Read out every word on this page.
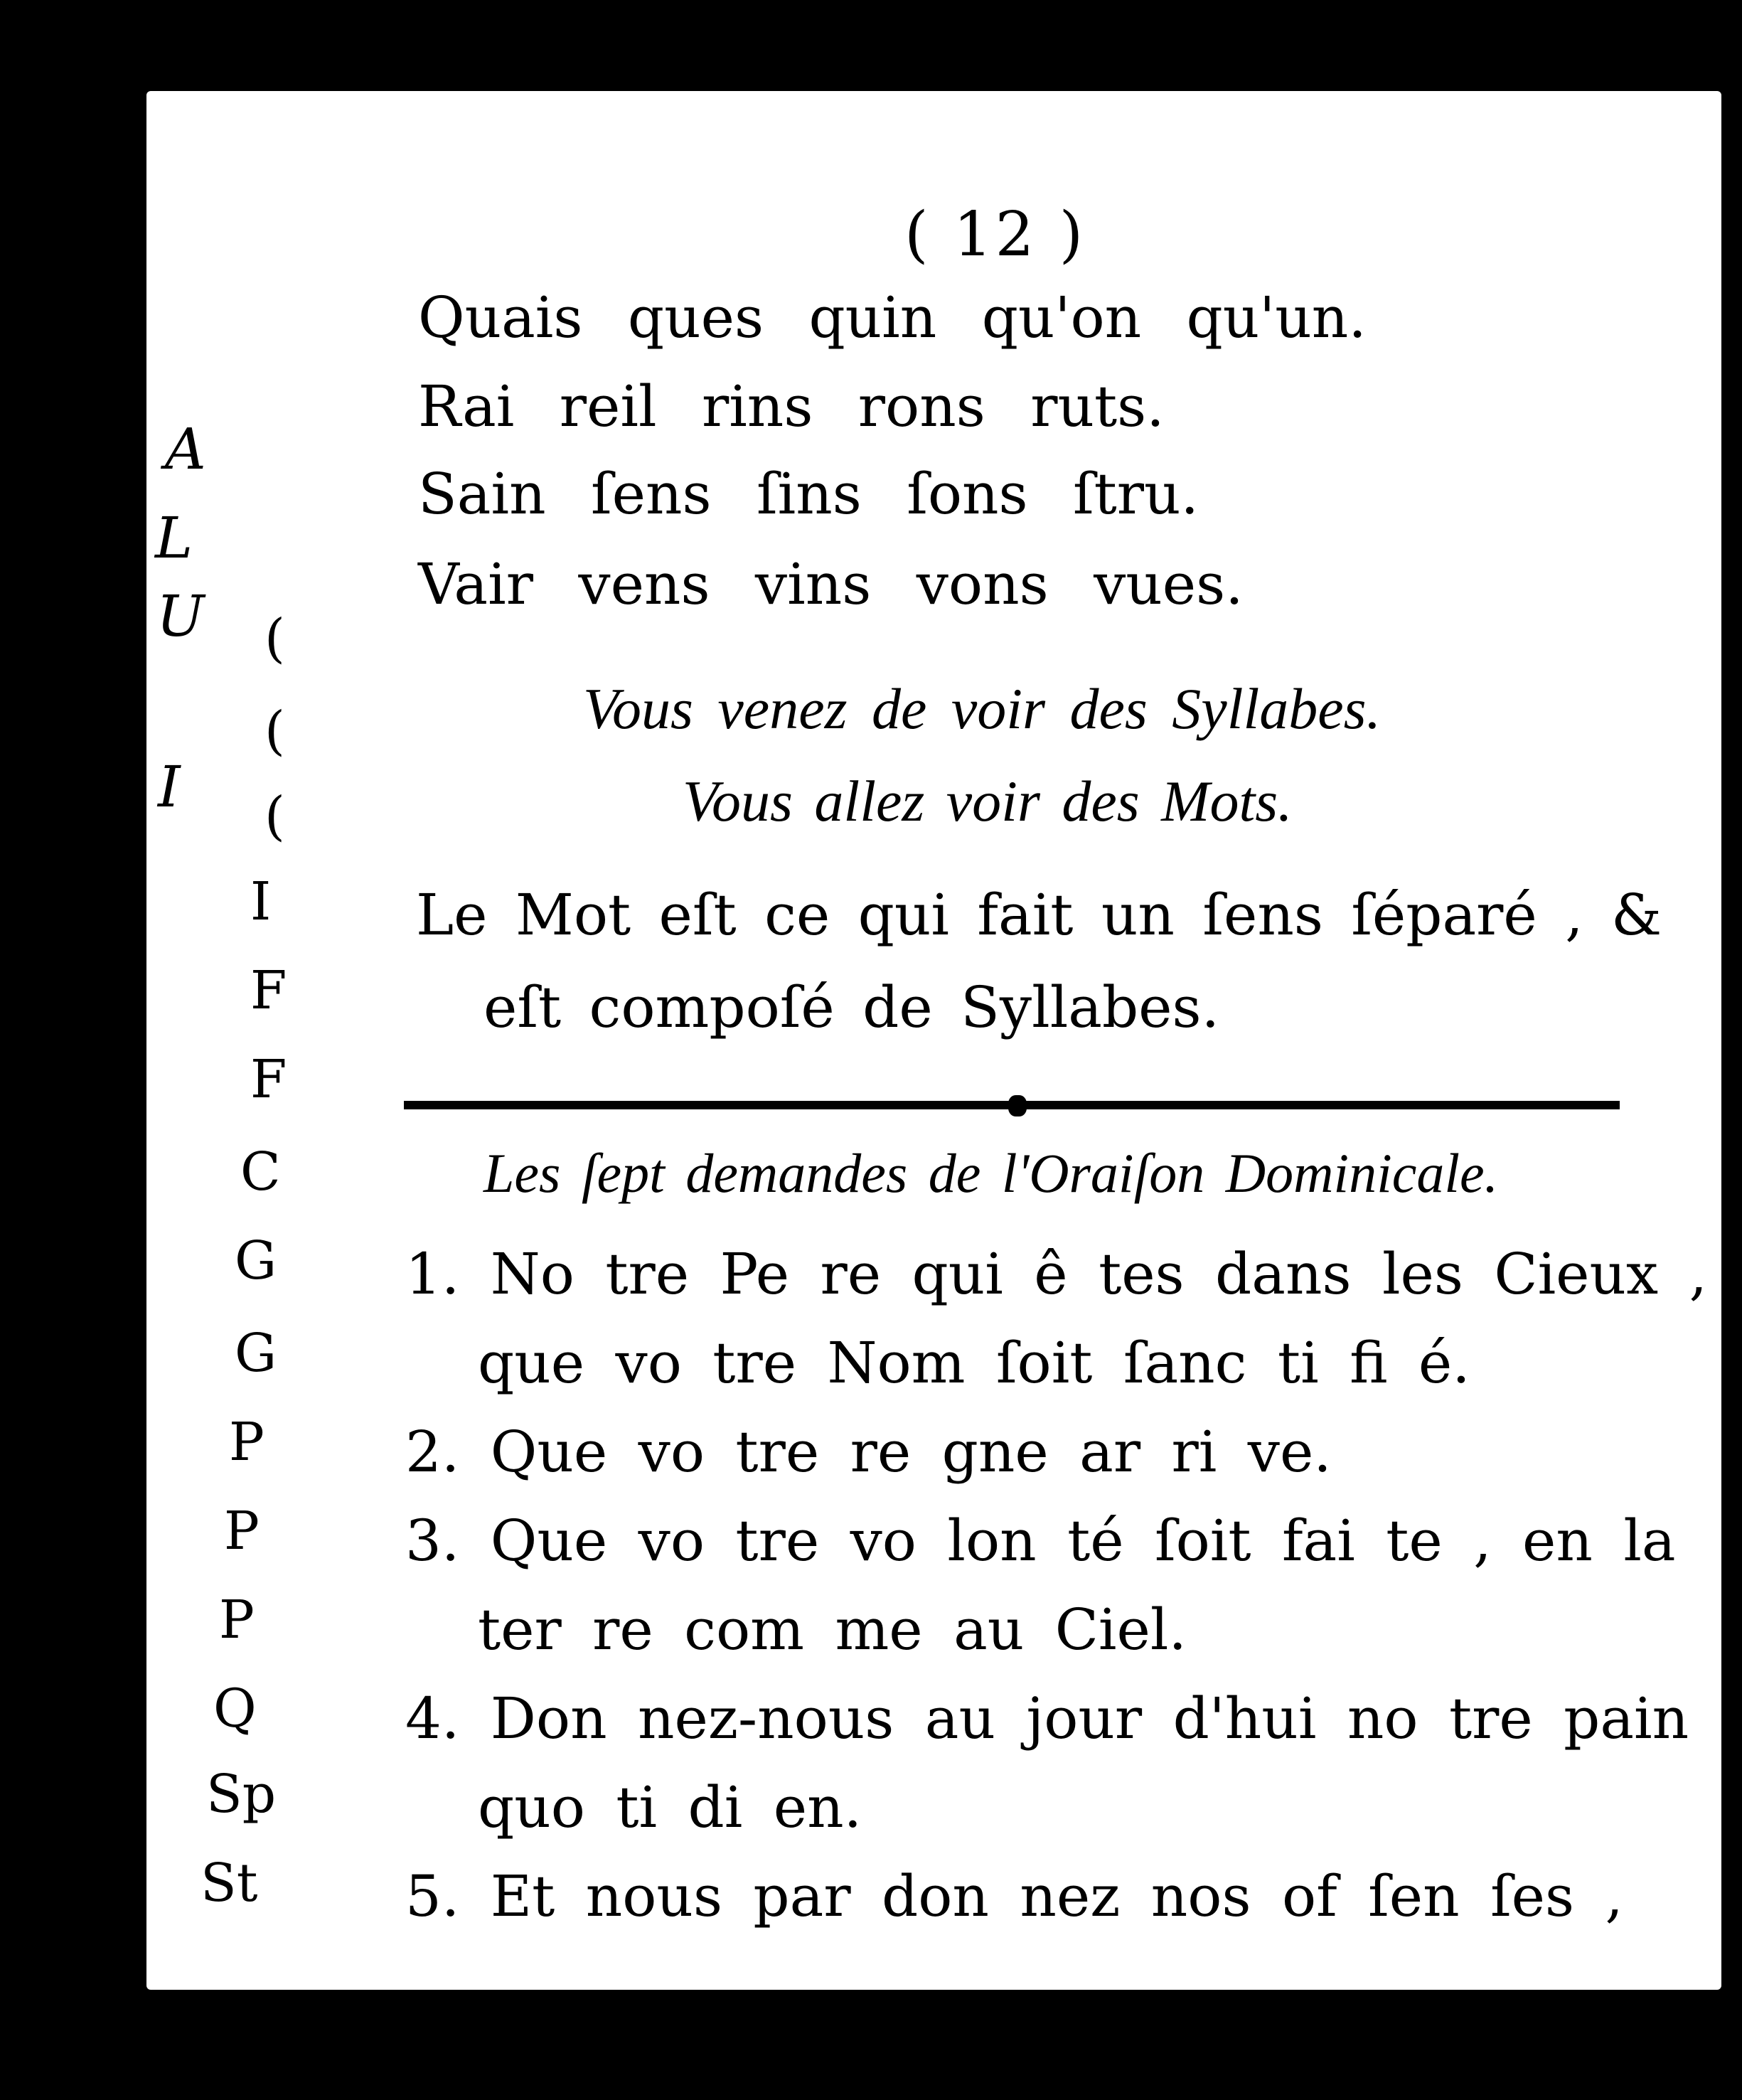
A
L
U
I
(
(
(
I
F
F
C
G
G
P
P
P
Q
Sp
St
( 12 )
Quais ques quin qu'on qu'un.
Rai reil rins rons ruts.
Sain ſens ſins ſons ſtru.
Vair vens vins vons vues.
Vous venez de voir des Syllabes.
Vous allez voir des Mots.
Le Mot eſt ce qui fait un ſens ſéparé , &
eſt compoſé de Syllabes.
Les ſept demandes de l'Oraiſon Dominicale.
1. No tre Pe re qui ê tes dans les Cieux ,
que vo tre Nom ſoit ſanc ti fi é.
2. Que vo tre re gne ar ri ve.
3. Que vo tre vo lon té ſoit fai te , en la
ter re com me au Ciel.
4. Don nez-nous au jour d'hui no tre pain
quo ti di en.
5. Et nous par don nez nos of ſen ſes ,
